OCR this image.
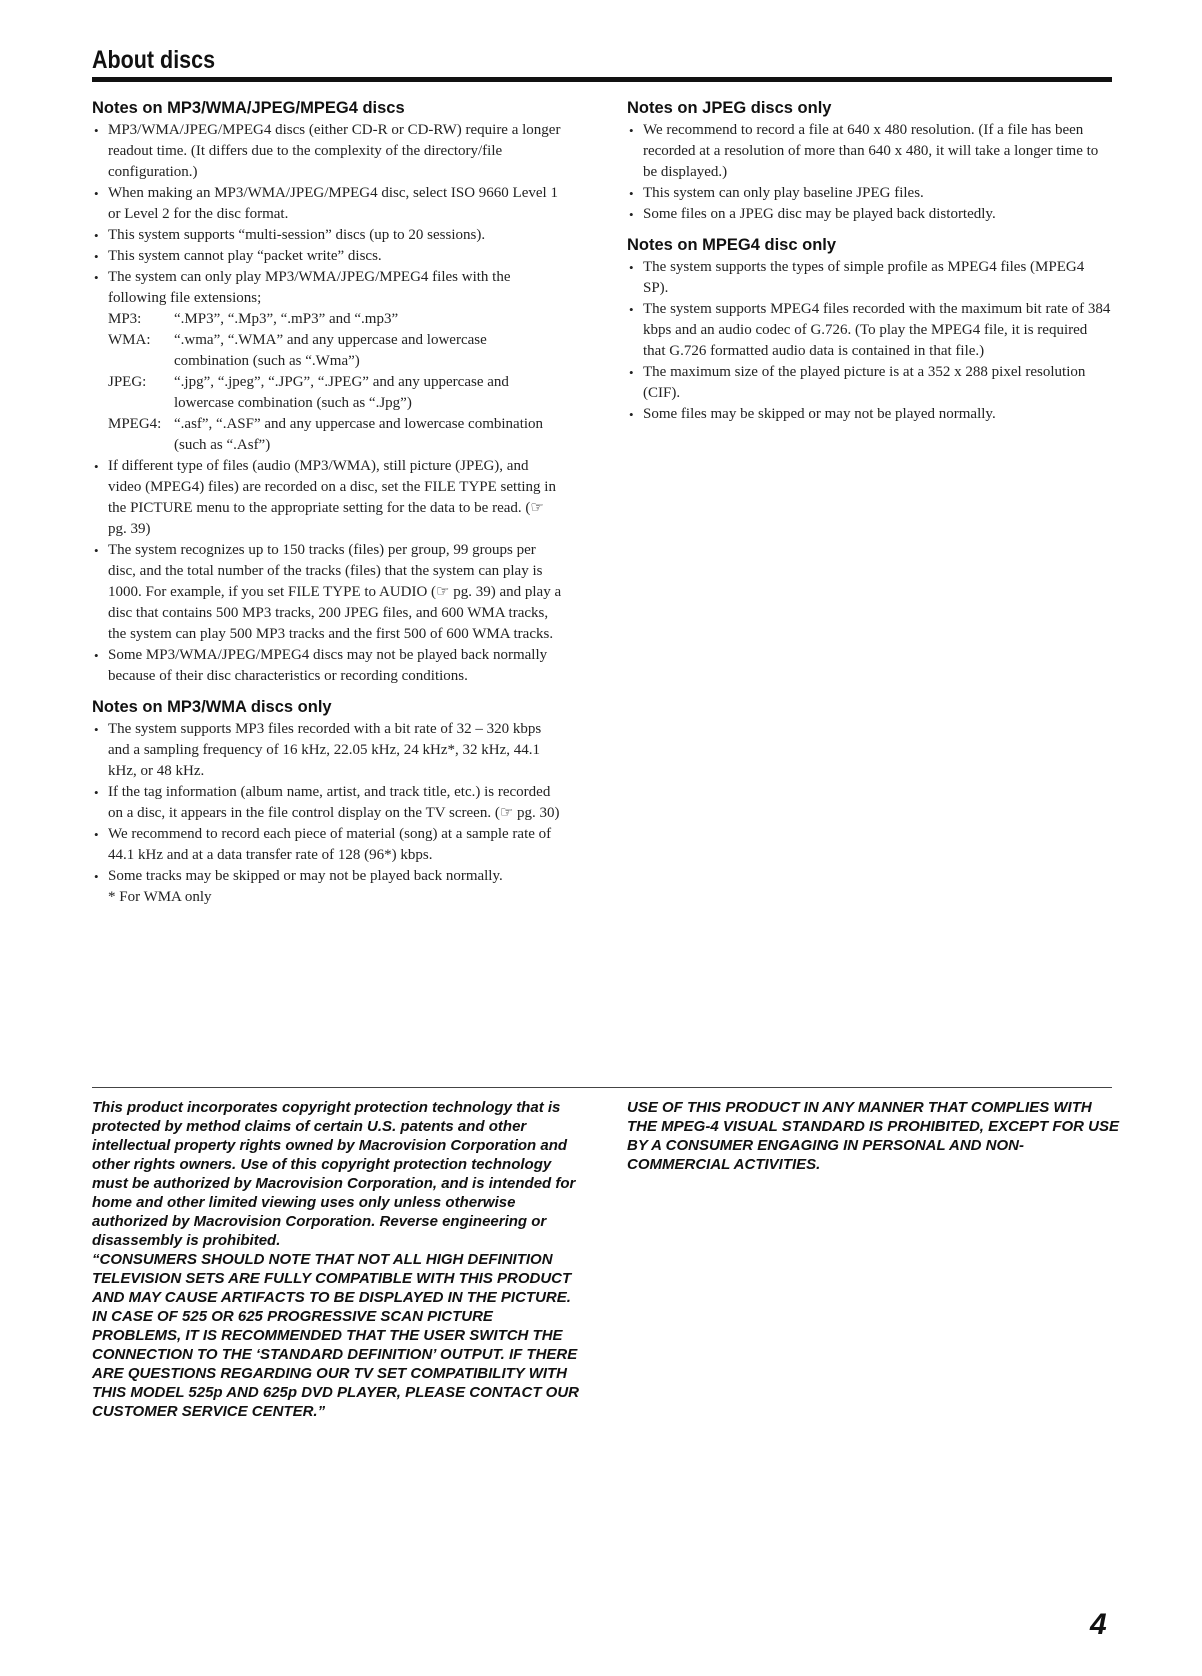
About discs
Notes on MP3/WMA/JPEG/MPEG4 discs
• MP3/WMA/JPEG/MPEG4 discs (either CD-R or CD-RW) require a longer readout time. (It differs due to the complexity of the directory/file configuration.)
• When making an MP3/WMA/JPEG/MPEG4 disc, select ISO 9660 Level 1 or Level 2 for the disc format.
• This system supports “multi-session” discs (up to 20 sessions).
• This system cannot play “packet write” discs.
• The system can only play MP3/WMA/JPEG/MPEG4 files with the following file extensions;
MP3:	“.MP3”, “.Mp3”, “.mP3” and “.mp3”
WMA:	“.wma”, “.WMA” and any uppercase and lowercase combination (such as “.Wma”)
JPEG:	“.jpg”, “.jpeg”, “.JPG”, “.JPEG” and any uppercase and lowercase combination (such as “.Jpg”)
MPEG4: “.asf”, “.ASF” and any uppercase and lowercase combination (such as “.Asf”)
• If different type of files (audio (MP3/WMA), still picture (JPEG), and video (MPEG4) files) are recorded on a disc, set the FILE TYPE setting in the PICTURE menu to the appropriate setting for the data to be read. (☞ pg. 39)
• The system recognizes up to 150 tracks (files) per group, 99 groups per disc, and the total number of the tracks (files) that the system can play is 1000. For example, if you set FILE TYPE to AUDIO (☞ pg. 39) and play a disc that contains 500 MP3 tracks, 200 JPEG files, and 600 WMA tracks, the system can play 500 MP3 tracks and the first 500 of 600 WMA tracks.
• Some MP3/WMA/JPEG/MPEG4 discs may not be played back normally because of their disc characteristics or recording conditions.
Notes on MP3/WMA discs only
• The system supports MP3 files recorded with a bit rate of 32 – 320 kbps and a sampling frequency of 16 kHz, 22.05 kHz, 24 kHz*, 32 kHz, 44.1 kHz, or 48 kHz.
• If the tag information (album name, artist, and track title, etc.) is recorded on a disc, it appears in the file control display on the TV screen. (☞ pg. 30)
• We recommend to record each piece of material (song) at a sample rate of 44.1 kHz and at a data transfer rate of 128 (96*) kbps.
• Some tracks may be skipped or may not be played back normally.
* For WMA only
Notes on JPEG discs only
• We recommend to record a file at 640 x 480 resolution. (If a file has been recorded at a resolution of more than 640 x 480, it will take a longer time to be displayed.)
• This system can only play baseline JPEG files.
• Some files on a JPEG disc may be played back distortedly.
Notes on MPEG4 disc only
• The system supports the types of simple profile as MPEG4 files (MPEG4 SP).
• The system supports MPEG4 files recorded with the maximum bit rate of 384 kbps and an audio codec of G.726. (To play the MPEG4 file, it is required that G.726 formatted audio data is contained in that file.)
• The maximum size of the played picture is at a 352 x 288 pixel resolution (CIF).
• Some files may be skipped or may not be played normally.

This product incorporates copyright protection technology that is protected by method claims of certain U.S. patents and other intellectual property rights owned by Macrovision Corporation and other rights owners. Use of this copyright protection technology must be authorized by Macrovision Corporation, and is intended for home and other limited viewing uses only unless otherwise authorized by Macrovision Corporation. Reverse engineering or disassembly is prohibited.

“CONSUMERS SHOULD NOTE THAT NOT ALL HIGH DEFINITION TELEVISION SETS ARE FULLY COMPATIBLE WITH THIS PRODUCT AND MAY CAUSE ARTIFACTS TO BE DISPLAYED IN THE PICTURE. IN CASE OF 525 OR 625 PROGRESSIVE SCAN PICTURE PROBLEMS, IT IS RECOMMENDED THAT THE USER SWITCH THE CONNECTION TO THE ‘STANDARD DEFINITION’ OUTPUT. IF THERE ARE QUESTIONS REGARDING OUR TV SET COMPATIBILITY WITH THIS MODEL 525p AND 625p DVD PLAYER, PLEASE CONTACT OUR CUSTOMER SERVICE CENTER.”

USE OF THIS PRODUCT IN ANY MANNER THAT COMPLIES WITH THE MPEG-4 VISUAL STANDARD IS PROHIBITED, EXCEPT FOR USE BY A CONSUMER ENGAGING IN PERSONAL AND NON-COMMERCIAL ACTIVITIES.

4
